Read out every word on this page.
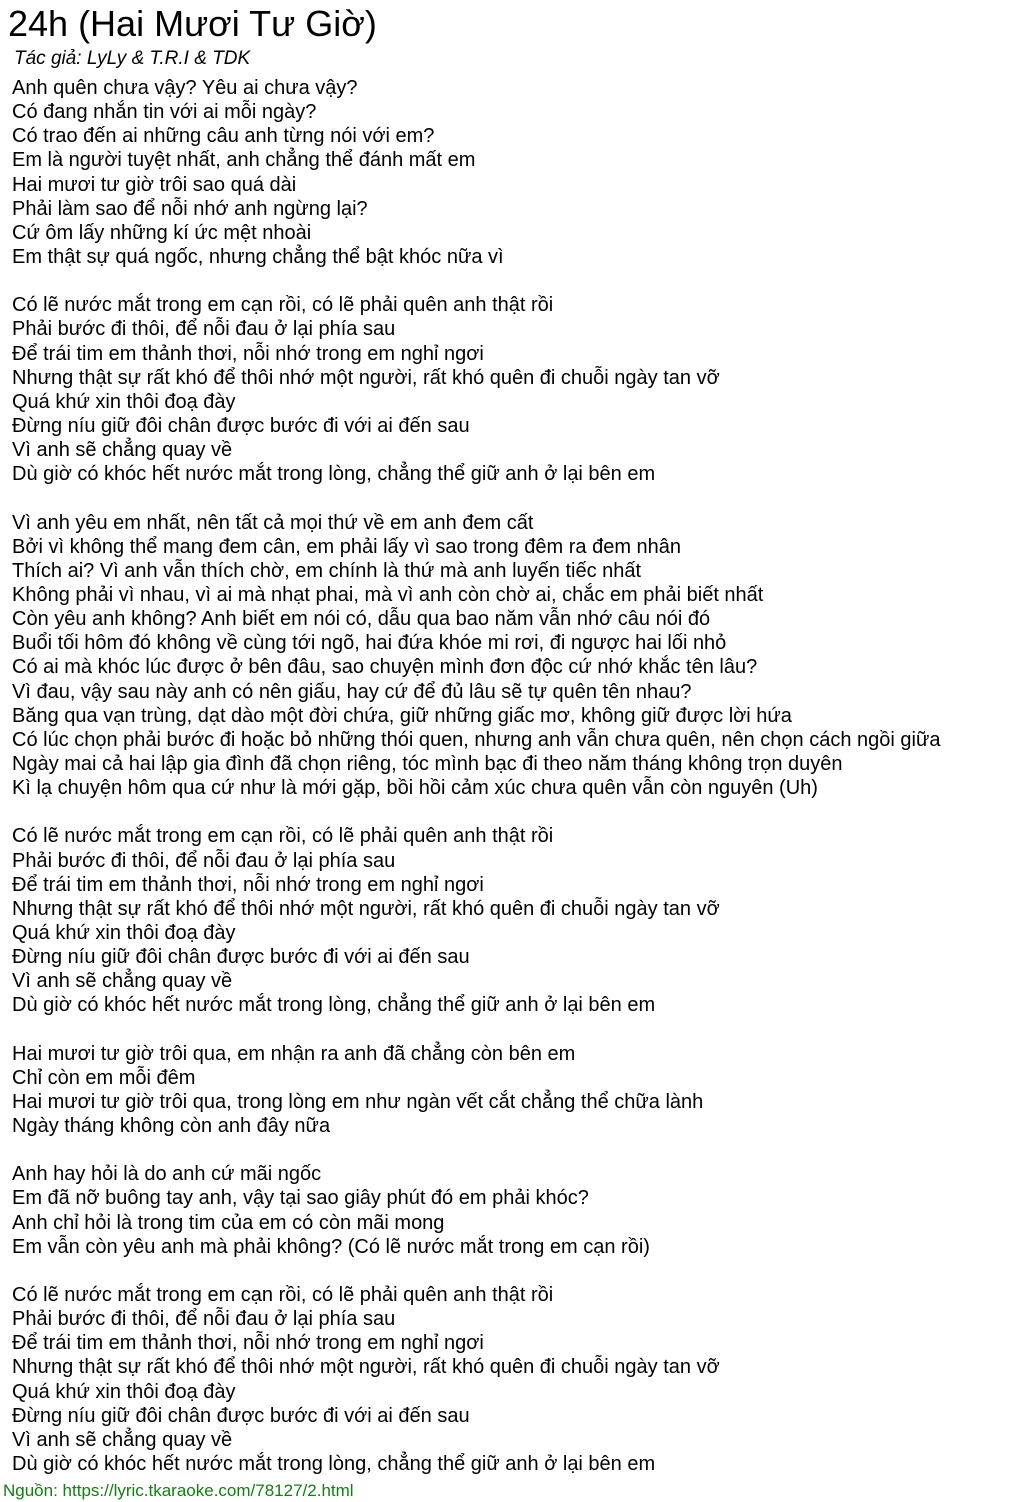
24h (Hai Mươi Tư Giờ)
Tác giả: LyLy & T.R.I & TDK
Anh quên chưa vậy? Yêu ai chưa vậy?
Có đang nhắn tin với ai mỗi ngày?
Có trao đến ai những câu anh từng nói với em?
Em là người tuyệt nhất, anh chẳng thể đánh mất em
Hai mươi tư giờ trôi sao quá dài
Phải làm sao để nỗi nhớ anh ngừng lại?
Cứ ôm lấy những kí ức mệt nhoài
Em thật sự quá ngốc, nhưng chẳng thể bật khóc nữa vì
Có lẽ nước mắt trong em cạn rồi, có lẽ phải quên anh thật rồi
Phải bước đi thôi, để nỗi đau ở lại phía sau
Để trái tim em thảnh thơi, nỗi nhớ trong em nghỉ ngơi
Nhưng thật sự rất khó để thôi nhớ một người, rất khó quên đi chuỗi ngày tan vỡ
Quá khứ xin thôi đoạ đày
Đừng níu giữ đôi chân được bước đi với ai đến sau
Vì anh sẽ chẳng quay về
Dù giờ có khóc hết nước mắt trong lòng, chẳng thể giữ anh ở lại bên em
Vì anh yêu em nhất, nên tất cả mọi thứ về em anh đem cất
Bởi vì không thể mang đem cân, em phải lấy vì sao trong đêm ra đem nhân
Thích ai? Vì anh vẫn thích chờ, em chính là thứ mà anh luyến tiếc nhất
Không phải vì nhau, vì ai mà nhạt phai, mà vì anh còn chờ ai, chắc em phải biết nhất
Còn yêu anh không? Anh biết em nói có, dẫu qua bao năm vẫn nhớ câu nói đó
Buổi tối hôm đó không về cùng tới ngõ, hai đứa khóe mi rơi, đi ngược hai lối nhỏ
Có ai mà khóc lúc được ở bên đâu, sao chuyện mình đơn độc cứ nhớ khắc tên lâu?
Vì đau, vậy sau này anh có nên giấu, hay cứ để đủ lâu sẽ tự quên tên nhau?
Băng qua vạn trùng, dạt dào một đời chứa, giữ những giấc mơ, không giữ được lời hứa
Có lúc chọn phải bước đi hoặc bỏ những thói quen, nhưng anh vẫn chưa quên, nên chọn cách ngồi giữa
Ngày mai cả hai lập gia đình đã chọn riêng, tóc mình bạc đi theo năm tháng không trọn duyên
Kì lạ chuyện hôm qua cứ như là mới gặp, bồi hồi cảm xúc chưa quên vẫn còn nguyên (Uh)
Có lẽ nước mắt trong em cạn rồi, có lẽ phải quên anh thật rồi
Phải bước đi thôi, để nỗi đau ở lại phía sau
Để trái tim em thảnh thơi, nỗi nhớ trong em nghỉ ngơi
Nhưng thật sự rất khó để thôi nhớ một người, rất khó quên đi chuỗi ngày tan vỡ
Quá khứ xin thôi đoạ đày
Đừng níu giữ đôi chân được bước đi với ai đến sau
Vì anh sẽ chẳng quay về
Dù giờ có khóc hết nước mắt trong lòng, chẳng thể giữ anh ở lại bên em
Hai mươi tư giờ trôi qua, em nhận ra anh đã chẳng còn bên em
Chỉ còn em mỗi đêm
Hai mươi tư giờ trôi qua, trong lòng em như ngàn vết cắt chẳng thể chữa lành
Ngày tháng không còn anh đây nữa
Anh hay hỏi là do anh cứ mãi ngốc
Em đã nỡ buông tay anh, vậy tại sao giây phút đó em phải khóc?
Anh chỉ hỏi là trong tim của em có còn mãi mong
Em vẫn còn yêu anh mà phải không? (Có lẽ nước mắt trong em cạn rồi)
Có lẽ nước mắt trong em cạn rồi, có lẽ phải quên anh thật rồi
Phải bước đi thôi, để nỗi đau ở lại phía sau
Để trái tim em thảnh thơi, nỗi nhớ trong em nghỉ ngơi
Nhưng thật sự rất khó để thôi nhớ một người, rất khó quên đi chuỗi ngày tan vỡ
Quá khứ xin thôi đoạ đày
Đừng níu giữ đôi chân được bước đi với ai đến sau
Vì anh sẽ chẳng quay về
Dù giờ có khóc hết nước mắt trong lòng, chẳng thể giữ anh ở lại bên em
Nguồn: https://lyric.tkaraoke.com/78127/2.html
